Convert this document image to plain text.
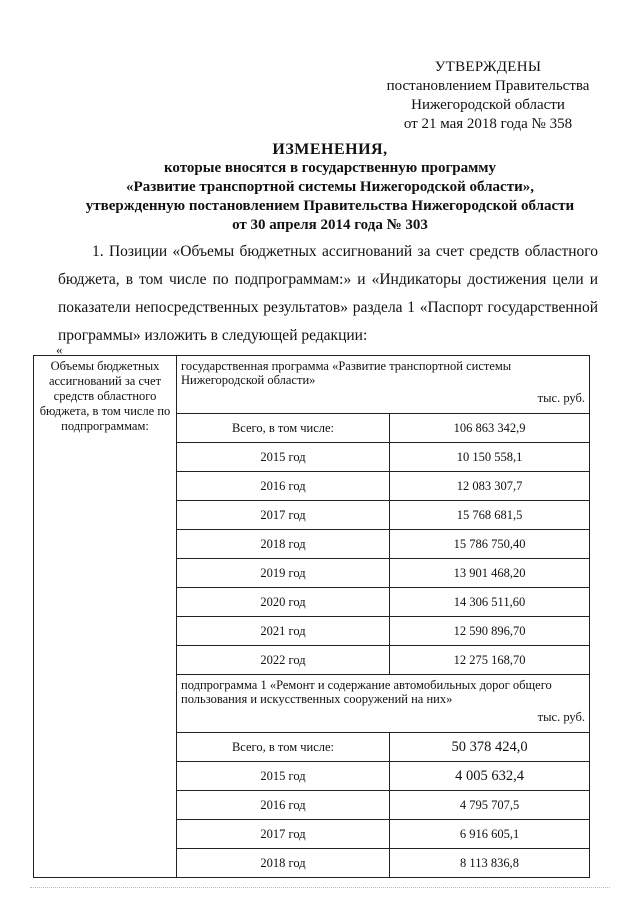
УТВЕРЖДЕНЫ
постановлением Правительства
Нижегородской области
от 21 мая 2018 года № 358
ИЗМЕНЕНИЯ,
которые вносятся в государственную программу
«Развитие транспортной системы Нижегородской области»,
утвержденную постановлением Правительства Нижегородской области
от 30 апреля 2014 года № 303

1. Позиции «Объемы бюджетных ассигнований за счет средств областного бюджета, в том числе по подпрограммам:» и «Индикаторы достижения цели и показатели непосредственных результатов» раздела 1 «Паспорт государственной программы» изложить в следующей редакции:

«
Объемы бюджетных ассигнований за счет средств областного бюджета, в том числе по подпрограммам:	государственная программа «Развитие транспортной системы Нижегородской области»
тыс. руб.	

	Всего, в том числе:	106 863 342,9
	2015 год	10 150 558,1
	2016 год	12 083 307,7
	2017 год	15 768 681,5
	2018 год	15 786 750,40
	2019 год	13 901 468,20
	2020 год	14 306 511,60
	2021 год	12 590 896,70
	2022 год	12 275 168,70
	подпрограмма 1 «Ремонт и содержание автомобильных дорог общего пользования и искусственных сооружений на них»
тыс. руб.	

	Всего, в том числе:	50 378 424,0
	2015 год	4 005 632,4
	2016 год	4 795 707,5
	2017 год	6 916 605,1
	2018 год	8 113 836,8
